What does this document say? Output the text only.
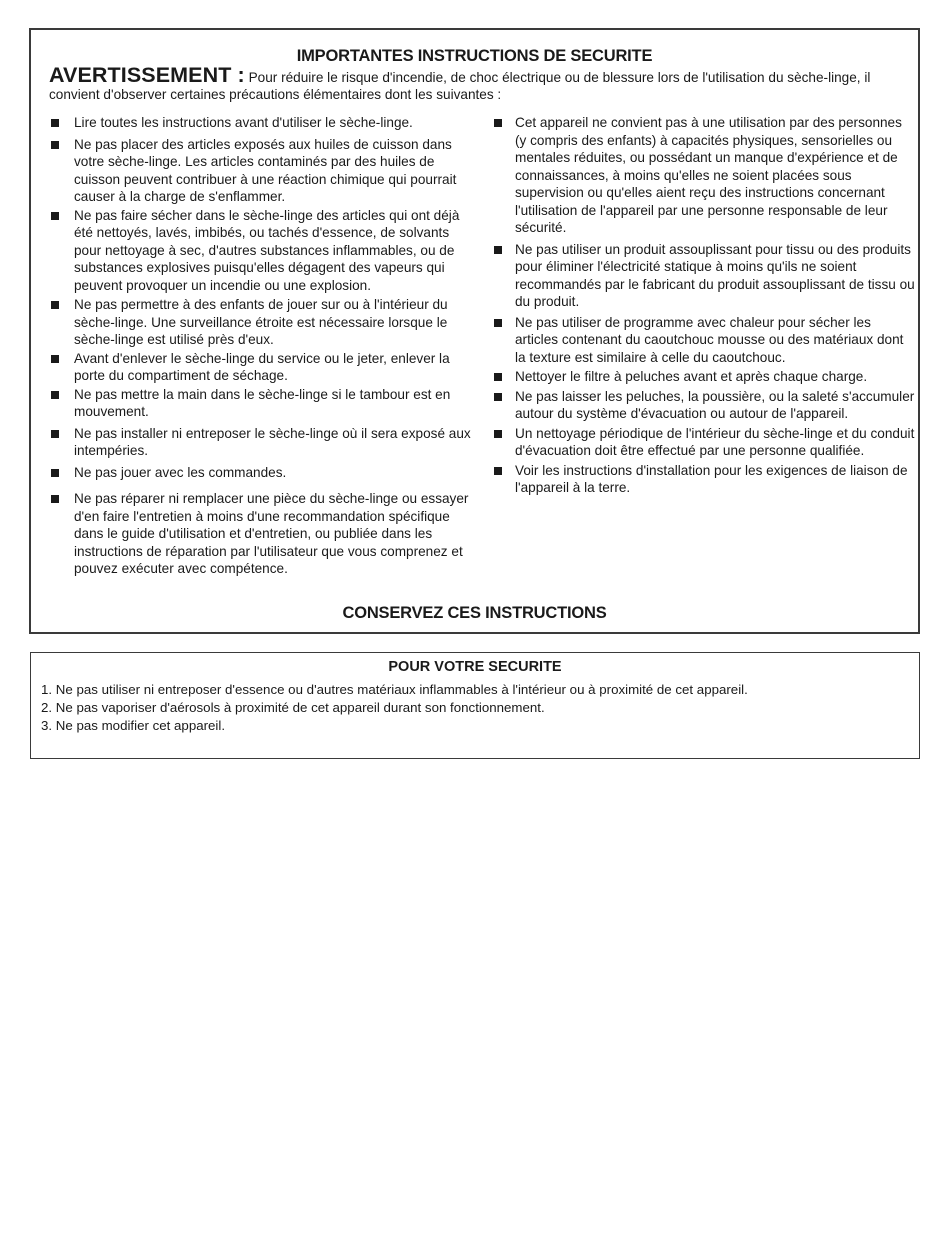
IMPORTANTES INSTRUCTIONS DE SECURITE
AVERTISSEMENT : Pour réduire le risque d'incendie, de choc électrique ou de blessure lors de l'utilisation du sèche-linge, il convient d'observer certaines précautions élémentaires dont les suivantes :
Lire toutes les instructions avant d'utiliser le sèche-linge.
Ne pas placer des articles exposés aux huiles de cuisson dans votre sèche-linge. Les articles contaminés par des huiles de cuisson peuvent contribuer à une réaction chimique qui pourrait causer à la charge de s'enflammer.
Ne pas faire sécher dans le sèche-linge des articles qui ont déjà été nettoyés, lavés, imbibés, ou tachés d'essence, de solvants pour nettoyage à sec, d'autres substances inflammables, ou de substances explosives puisqu'elles dégagent des vapeurs qui peuvent provoquer un incendie ou une explosion.
Ne pas permettre à des enfants de jouer sur ou à l'intérieur du sèche-linge. Une surveillance étroite est nécessaire lorsque le sèche-linge est utilisé près d'eux.
Avant d'enlever le sèche-linge du service ou le jeter, enlever la porte du compartiment de séchage.
Ne pas mettre la main dans le sèche-linge si le tambour est en mouvement.
Ne pas installer ni entreposer le sèche-linge où il sera exposé aux intempéries.
Ne pas jouer avec les commandes.
Ne pas réparer ni remplacer une pièce du sèche-linge ou essayer d'en faire l'entretien à moins d'une recommandation spécifique dans le guide d'utilisation et d'entretien, ou publiée dans les instructions de réparation par l'utilisateur que vous comprenez et pouvez exécuter avec compétence.
Cet appareil ne convient pas à une utilisation par des personnes (y compris des enfants) à capacités physiques, sensorielles ou mentales réduites, ou possédant un manque d'expérience et de connaissances, à moins qu'elles ne soient placées sous supervision ou qu'elles aient reçu des instructions concernant l'utilisation de l'appareil par une personne responsable de leur sécurité.
Ne pas utiliser un produit assouplissant pour tissu ou des produits pour éliminer l'électricité statique à moins qu'ils ne soient recommandés par le fabricant du produit assouplissant de tissu ou du produit.
Ne pas utiliser de programme avec chaleur pour sécher les articles contenant du caoutchouc mousse ou des matériaux dont la texture est similaire à celle du caoutchouc.
Nettoyer le filtre à peluches avant et après chaque charge.
Ne pas laisser les peluches, la poussière, ou la saleté s'accumuler autour du système d'évacuation ou autour de l'appareil.
Un nettoyage périodique de l'intérieur du sèche-linge et du conduit d'évacuation doit être effectué par une personne qualifiée.
Voir les instructions d'installation pour les exigences de liaison de l'appareil à la terre.
CONSERVEZ CES INSTRUCTIONS
POUR VOTRE SECURITE
1. Ne pas utiliser ni entreposer d'essence ou d'autres matériaux inflammables à l'intérieur ou à proximité de cet appareil.
2. Ne pas vaporiser d'aérosols à proximité de cet appareil durant son fonctionnement.
3. Ne pas modifier cet appareil.
